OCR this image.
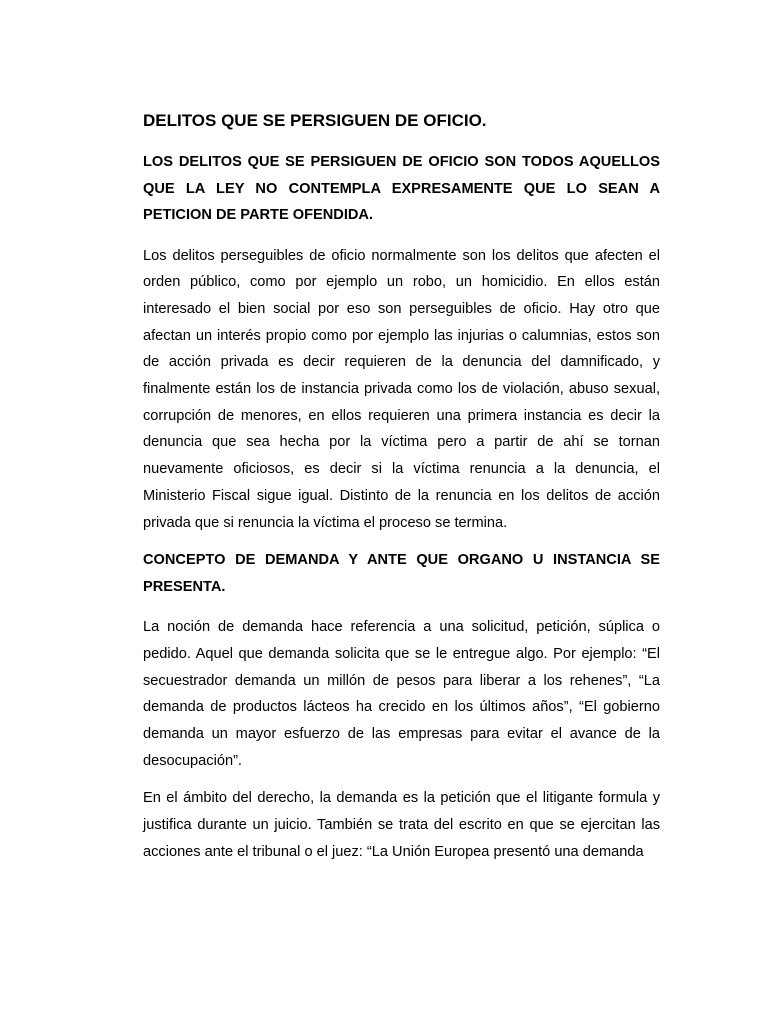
DELITOS QUE SE PERSIGUEN DE OFICIO.

LOS DELITOS QUE SE PERSIGUEN DE OFICIO SON TODOS AQUELLOS QUE LA LEY NO CONTEMPLA EXPRESAMENTE QUE LO SEAN A PETICION DE PARTE OFENDIDA.

Los delitos perseguibles de oficio normalmente son los delitos que afecten el orden público, como por ejemplo un robo, un homicidio. En ellos están interesado el bien social por eso son perseguibles de oficio. Hay otro que afectan un interés propio como por ejemplo las injurias o calumnias, estos son de acción privada es decir requieren de la denuncia del damnificado, y finalmente están los de instancia privada como los de violación, abuso sexual, corrupción de menores, en ellos requieren una primera instancia es decir la denuncia que sea hecha por la víctima pero a partir de ahí se tornan nuevamente oficiosos, es decir si la víctima renuncia a la denuncia, el Ministerio Fiscal sigue igual. Distinto de la renuncia en los delitos de acción privada que si renuncia la víctima el proceso se termina.

CONCEPTO DE DEMANDA Y ANTE QUE ORGANO U INSTANCIA SE PRESENTA.

La noción de demanda hace referencia a una solicitud, petición, súplica o pedido. Aquel que demanda solicita que se le entregue algo. Por ejemplo: “El secuestrador demanda un millón de pesos para liberar a los rehenes”, “La demanda de productos lácteos ha crecido en los últimos años”, “El gobierno demanda un mayor esfuerzo de las empresas para evitar el avance de la desocupación”.

En el ámbito del derecho, la demanda es la petición que el litigante formula y justifica durante un juicio. También se trata del escrito en que se ejercitan las acciones ante el tribunal o el juez: “La Unión Europea presentó una demanda
